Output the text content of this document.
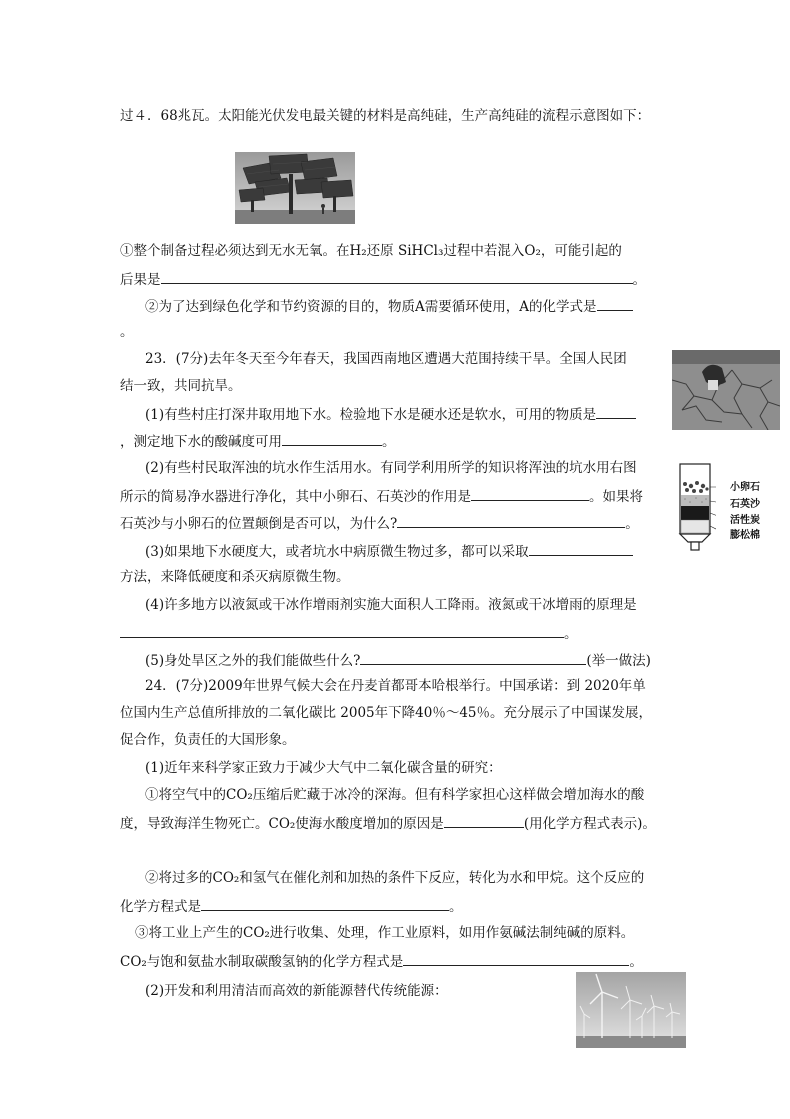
过４．68兆瓦。太阳能光伏发电最关键的材料是高纯硅，生产高纯硅的流程示意图如下：
①整个制备过程必须达到无水无氧。在H₂还原 SiHCl₃过程中若混入O₂，可能引起的
后果是	。
②为了达到绿色化学和节约资源的目的，物质A需要循环使用，A的化学式是
。
23．(7分)去年冬天至今年春天，我国西南地区遭遇大范围持续干旱。全国人民团
结一致，共同抗旱。
(1)有些村庄打深井取用地下水。检验地下水是硬水还是软水，可用的物质是
，测定地下水的酸碱度可用	。
(2)有些村民取浑浊的坑水作生活用水。有同学利用所学的知识将浑浊的坑水用右图
所示的简易净水器进行净化，其中小卵石、石英沙的作用是	。如果将
石英沙与小卵石的位置颠倒是否可以，为什么?	。
小卵石
石英沙
活性炭
膨松棉
(3)如果地下水硬度大，或者坑水中病原微生物过多，都可以采取
方法，来降低硬度和杀灭病原微生物。
(4)许多地方以液氮或干冰作增雨剂实施大面积人工降雨。液氮或干冰增雨的原理是
。
(5)身处旱区之外的我们能做些什么?	(举一做法)
24．(7分)2009年世界气候大会在丹麦首都哥本哈根举行。中国承诺：到 2020年单
位国内生产总值所排放的二氧化碳比 2005年下降40％～45％。充分展示了中国谋发展，
促合作，负责任的大国形象。
(1)近年来科学家正致力于减少大气中二氧化碳含量的研究：
①将空气中的CO₂压缩后贮藏于冰冷的深海。但有科学家担心这样做会增加海水的酸
度，导致海洋生物死亡。CO₂使海水酸度增加的原因是	(用化学方程式表示)。
②将过多的CO₂和氢气在催化剂和加热的条件下反应，转化为水和甲烷。这个反应的
化学方程式是	。
③将工业上产生的CO₂进行收集、处理，作工业原料，如用作氨碱法制纯碱的原料。
CO₂与饱和氨盐水制取碳酸氢钠的化学方程式是	。
(2)开发和利用清洁而高效的新能源替代传统能源：
